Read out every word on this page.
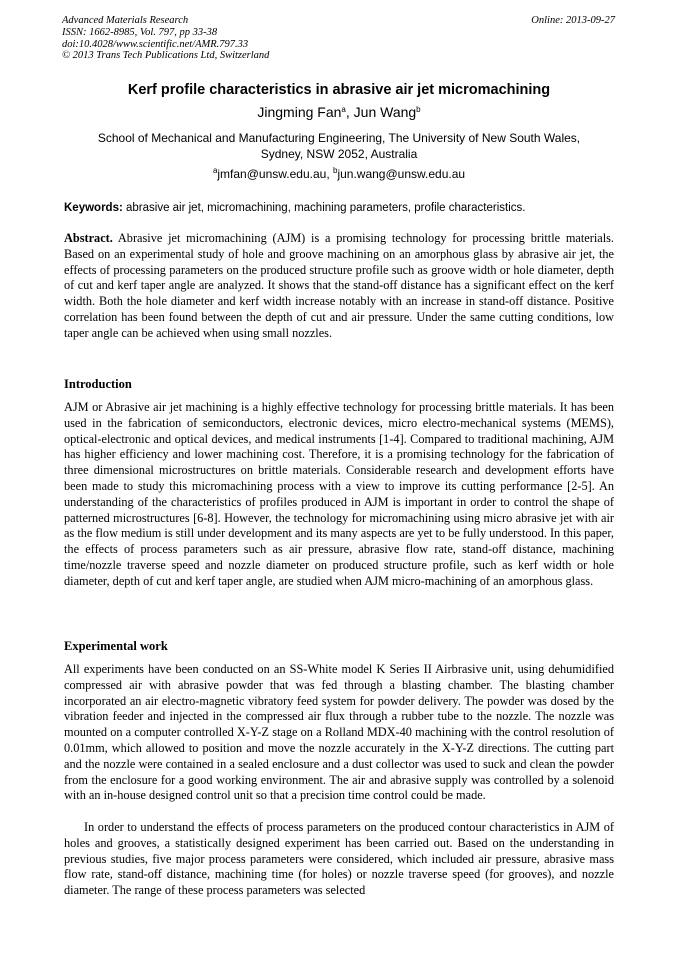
Advanced Materials Research
ISSN: 1662-8985, Vol. 797, pp 33-38
doi:10.4028/www.scientific.net/AMR.797.33
© 2013 Trans Tech Publications Ltd, Switzerland
Online: 2013-09-27
Kerf profile characteristics in abrasive air jet micromachining
Jingming Fan$^a$, Jun Wang$^b$
School of Mechanical and Manufacturing Engineering, The University of New South Wales,
Sydney, NSW 2052, Australia
$^a$jmfan@unsw.edu.au, $^b$jun.wang@unsw.edu.au
Keywords: abrasive air jet, micromachining, machining parameters, profile characteristics.
Abstract. Abrasive jet micromachining (AJM) is a promising technology for processing brittle materials. Based on an experimental study of hole and groove machining on an amorphous glass by abrasive air jet, the effects of processing parameters on the produced structure profile such as groove width or hole diameter, depth of cut and kerf taper angle are analyzed. It shows that the stand-off distance has a significant effect on the kerf width. Both the hole diameter and kerf width increase notably with an increase in stand-off distance. Positive correlation has been found between the depth of cut and air pressure. Under the same cutting conditions, low taper angle can be achieved when using small nozzles.
Introduction
AJM or Abrasive air jet machining is a highly effective technology for processing brittle materials. It has been used in the fabrication of semiconductors, electronic devices, micro electro-mechanical systems (MEMS), optical-electronic and optical devices, and medical instruments [1-4]. Compared to traditional machining, AJM has higher efficiency and lower machining cost. Therefore, it is a promising technology for the fabrication of three dimensional microstructures on brittle materials. Considerable research and development efforts have been made to study this micromachining process with a view to improve its cutting performance [2-5]. An understanding of the characteristics of profiles produced in AJM is important in order to control the shape of patterned microstructures [6-8]. However, the technology for micromachining using micro abrasive jet with air as the flow medium is still under development and its many aspects are yet to be fully understood. In this paper, the effects of process parameters such as air pressure, abrasive flow rate, stand-off distance, machining time/nozzle traverse speed and nozzle diameter on produced structure profile, such as kerf width or hole diameter, depth of cut and kerf taper angle, are studied when AJM micro-machining of an amorphous glass.
Experimental work
All experiments have been conducted on an SS-White model K Series II Airbrasive unit, using dehumidified compressed air with abrasive powder that was fed through a blasting chamber. The blasting chamber incorporated an air electro-magnetic vibratory feed system for powder delivery. The powder was dosed by the vibration feeder and injected in the compressed air flux through a rubber tube to the nozzle. The nozzle was mounted on a computer controlled X-Y-Z stage on a Rolland MDX-40 machining with the control resolution of 0.01mm, which allowed to position and move the nozzle accurately in the X-Y-Z directions. The cutting part and the nozzle were contained in a sealed enclosure and a dust collector was used to suck and clean the powder from the enclosure for a good working environment. The air and abrasive supply was controlled by a solenoid with an in-house designed control unit so that a precision time control could be made.
In order to understand the effects of process parameters on the produced contour characteristics in AJM of holes and grooves, a statistically designed experiment has been carried out. Based on the understanding in previous studies, five major process parameters were considered, which included air pressure, abrasive mass flow rate, stand-off distance, machining time (for holes) or nozzle traverse speed (for grooves), and nozzle diameter. The range of these process parameters was selected
